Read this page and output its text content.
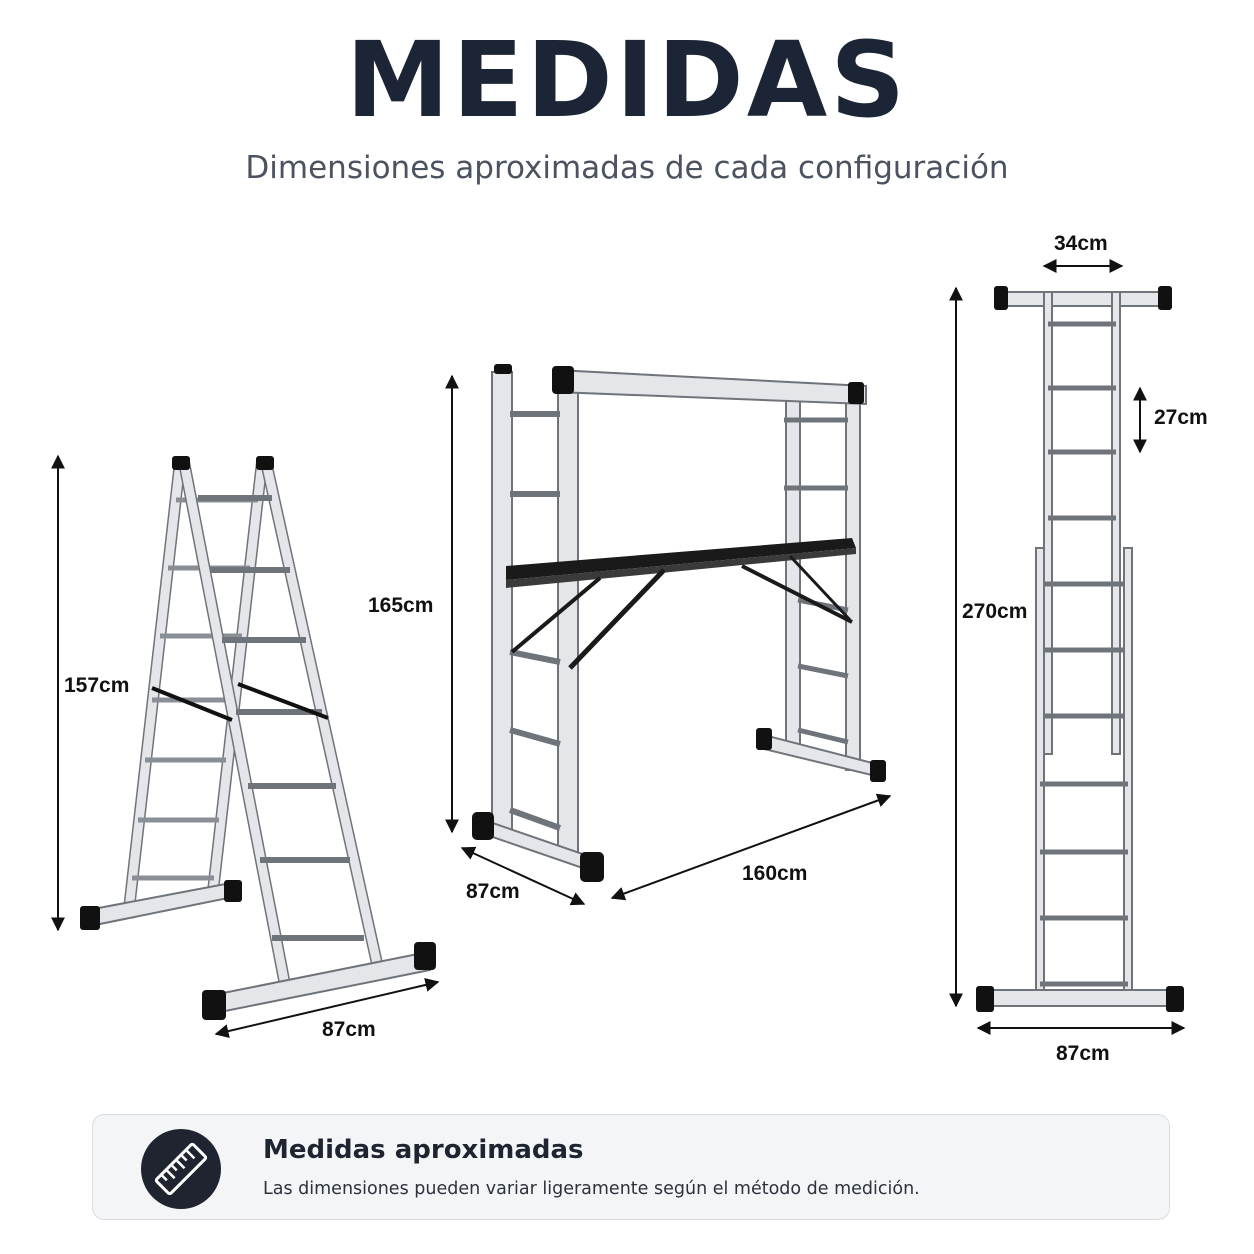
MEDIDAS
Dimensiones aproximadas de cada configuración
157cm
87cm
165cm
87cm
160cm
34cm
27cm
270cm
87cm
Medidas aproximadas
Las dimensiones pueden variar ligeramente según el método de medición.
